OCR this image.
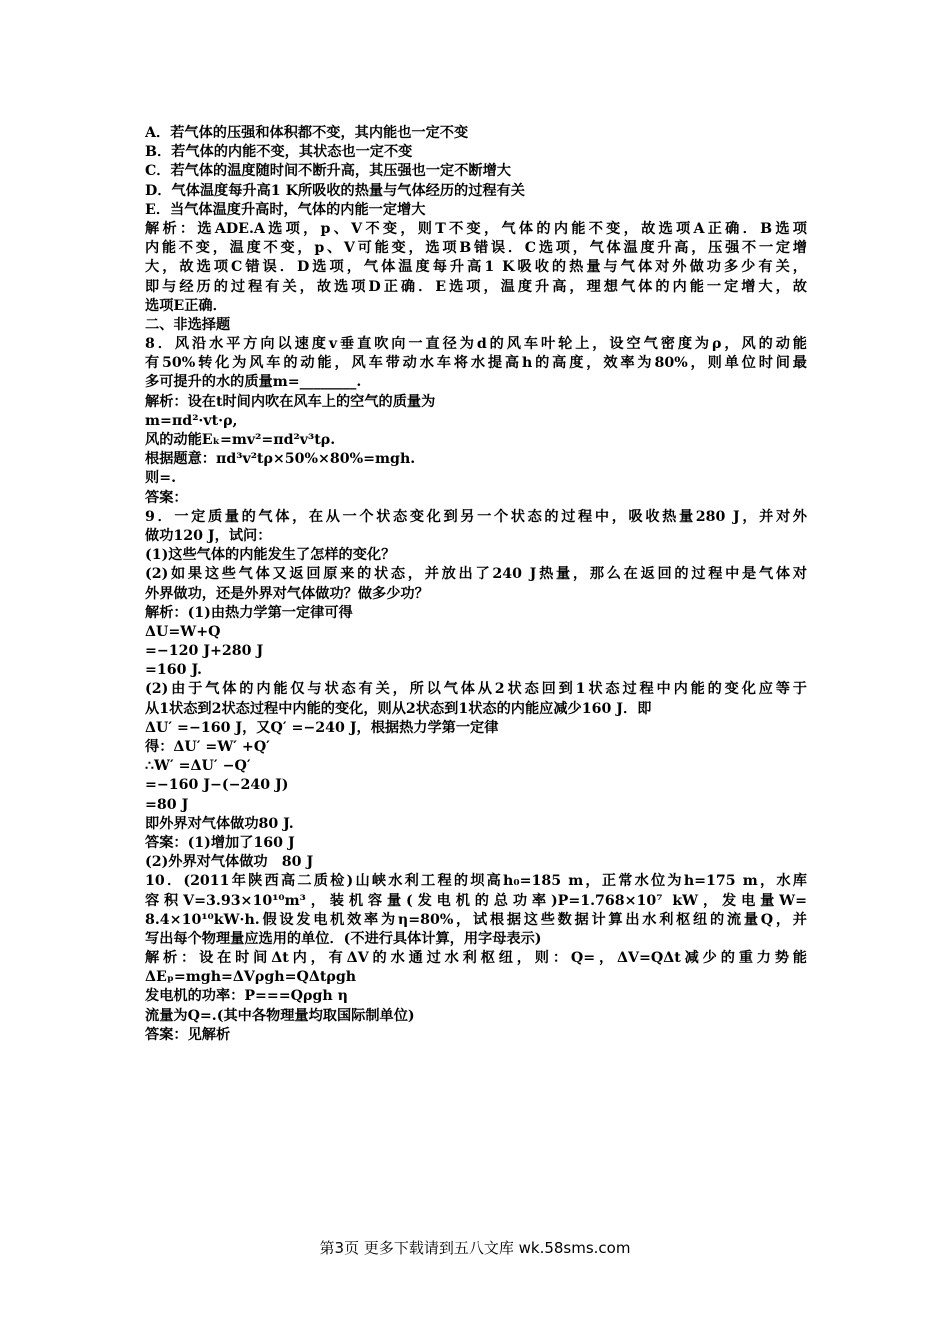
A．若气体的压强和体积都不变，其内能也一定不变
B．若气体的内能不变，其状态也一定不变
C．若气体的温度随时间不断升高，其压强也一定不断增大
D．气体温度每升高1 K所吸收的热量与气体经历的过程有关
E．当气体温度升高时，气体的内能一定增大
解析：选ADE.A选项，p、V不变，则T不变，气体的内能不变，故选项A正确．B选项
内能不变，温度不变，p、V可能变，选项B错误．C选项，气体温度升高，压强不一定增
大，故选项C错误．D选项，气体温度每升高1 K吸收的热量与气体对外做功多少有关，
即与经历的过程有关，故选项D正确．E选项，温度升高，理想气体的内能一定增大，故
选项E正确．
二、非选择题
8．风沿水平方向以速度v垂直吹向一直径为d的风车叶轮上，设空气密度为ρ，风的动能
有50%转化为风车的动能，风车带动水车将水提高h的高度，效率为80%，则单位时间最
多可提升的水的质量m=________.
解析：设在t时间内吹在风车上的空气的质量为
m=πd²·vt·ρ,
风的动能Eₖ=mv²=πd²v³tρ.
根据题意：πd³v²tρ×50%×80%=mgh.
则=.
答案：
9．一定质量的气体，在从一个状态变化到另一个状态的过程中，吸收热量280 J，并对外
做功120 J，试问：
(1)这些气体的内能发生了怎样的变化？
(2)如果这些气体又返回原来的状态，并放出了240 J热量，那么在返回的过程中是气体对
外界做功，还是外界对气体做功？做多少功？
解析：(1)由热力学第一定律可得
ΔU=W+Q
=−120 J+280 J
=160 J.
(2)由于气体的内能仅与状态有关，所以气体从2状态回到1状态过程中内能的变化应等于
从1状态到2状态过程中内能的变化，则从2状态到1状态的内能应减少160 J．即
ΔU′ =−160 J，又Q′ =−240 J，根据热力学第一定律
得：ΔU′ =W′ +Q′
∴W′ =ΔU′ −Q′
=−160 J−(−240 J)
=80 J
即外界对气体做功80 J.
答案：(1)增加了160 J
(2)外界对气体做功　80 J
10．(2011年陕西高二质检)山峡水利工程的坝高h₀=185 m，正常水位为h=175 m，水库
容积V=3.93×10¹⁰m³，装机容量(发电机的总功率)P=1.768×10⁷ kW，发电量W=
8.4×10¹⁰kW·h.假设发电机效率为η=80%，试根据这些数据计算出水利枢纽的流量Q，并
写出每个物理量应选用的单位．(不进行具体计算，用字母表示)
解析：设在时间Δt内，有ΔV的水通过水利枢纽，则：Q=，ΔV=QΔt减少的重力势能
ΔEₚ=mgh=ΔVρgh=QΔtρgh
发电机的功率：P===Qρgh η
流量为Q=.(其中各物理量均取国际制单位)
答案：见解析
第3页 更多下载请到五八文库 wk.58sms.com
